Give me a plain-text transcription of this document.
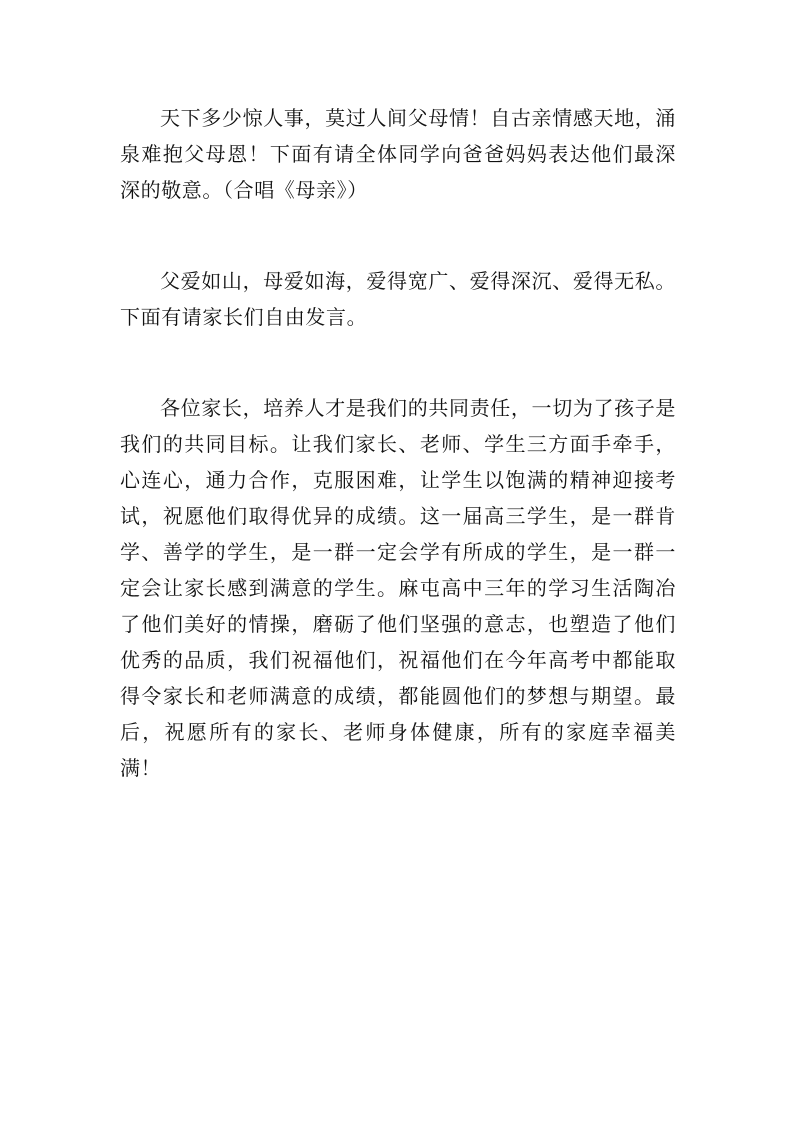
天下多少惊人事，莫过人间父母情！自古亲情感天地，涌泉难抱父母恩！下面有请全体同学向爸爸妈妈表达他们最深深的敬意。（合唱《母亲》）

父爱如山，母爱如海，爱得宽广、爱得深沉、爱得无私。下面有请家长们自由发言。

各位家长，培养人才是我们的共同责任，一切为了孩子是我们的共同目标。让我们家长、老师、学生三方面手牵手，心连心，通力合作，克服困难，让学生以饱满的精神迎接考试，祝愿他们取得优异的成绩。这一届高三学生，是一群肯学、善学的学生，是一群一定会学有所成的学生，是一群一定会让家长感到满意的学生。麻屯高中三年的学习生活陶冶了他们美好的情操，磨砺了他们坚强的意志，也塑造了他们优秀的品质，我们祝福他们，祝福他们在今年高考中都能取得令家长和老师满意的成绩，都能圆他们的梦想与期望。最后，祝愿所有的家长、老师身体健康，所有的家庭幸福美满！
